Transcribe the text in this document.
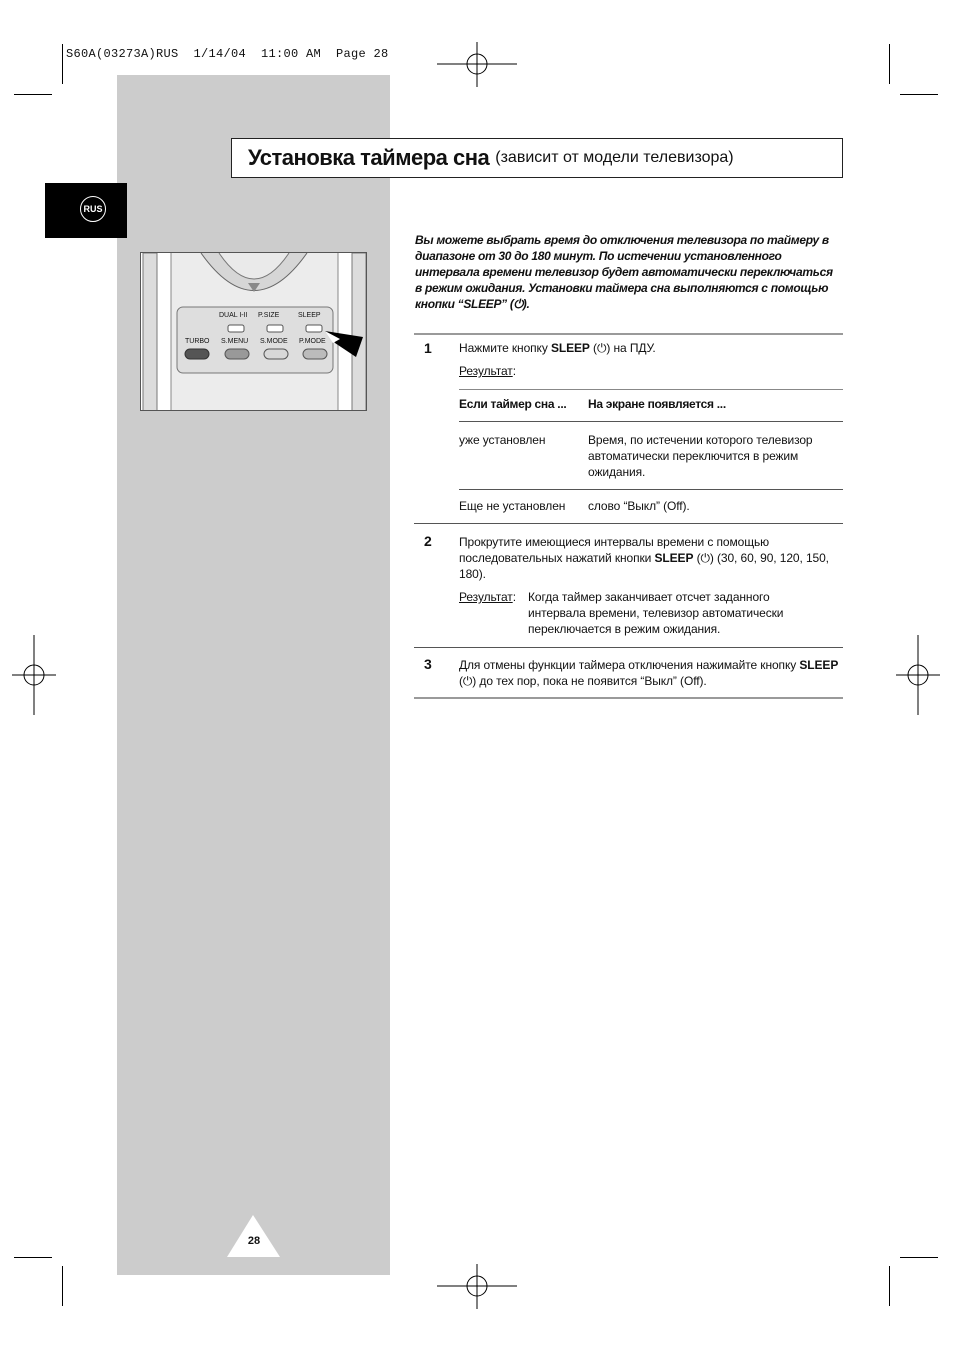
S60A(03273A)RUS  1/14/04  11:00 AM  Page 28
RUS
DUAL I-II P.SIZE	SLEEP
TURBO S.MENU S.MODE P.MODE
Установка таймера сна (зависит от модели телевизора)
Вы можете выбрать время до отключения телевизора по таймеру в диапазоне от 30 до 180 минут. По истечении установленного интервала времени телевизор будет автоматически переключаться в режим ожидания. Установки таймера сна выполняются с помощью кнопки “SLEEP” (⏻).
1 Нажмите кнопку SLEEP (⏻) на ПДУ.
Результат:
Если таймер сна ... На экране появляется ...
уже установлен	Время, по истечении которого телевизор автоматически переключится в режим ожидания.
Еще не установлен слово “Выкл” (Off).
2 Прокрутите имеющиеся интервалы времени с помощью последовательных нажатий кнопки SLEEP (⏻) (30, 60, 90, 120, 150, 180).
Результат: Когда таймер заканчивает отсчет заданного интервала времени, телевизор автоматически переключается в режим ожидания.
3 Для отмены функции таймера отключения нажимайте кнопку SLEEP (⏻) до тех пор, пока не появится “Выкл” (Off).
28
